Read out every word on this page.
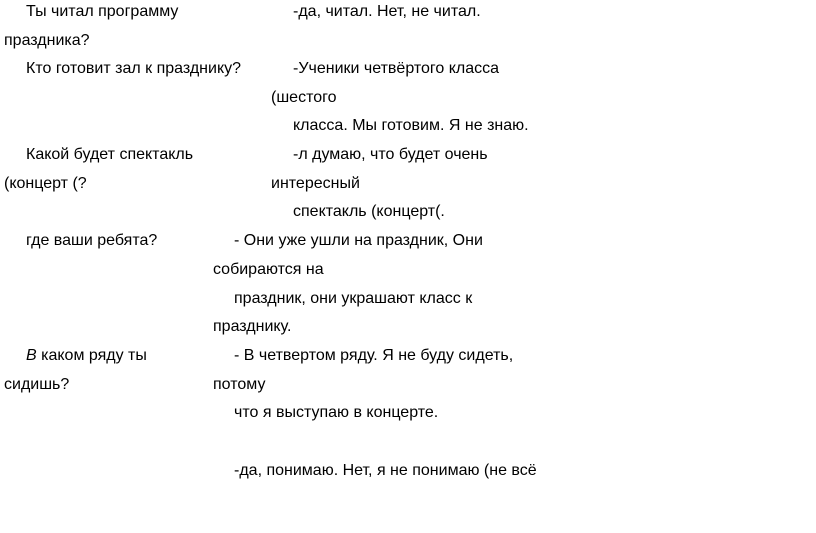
Ты читал программу
праздника?
-да, читал. Нет, не читал.
Кто готовит зал к празднику?	-Ученики четвёртого класса
(шестого
класса. Мы готовим. Я не знаю.
Какой будет спектакль
(концерт (?
-л думаю, что будет очень
интересный
спектакль (концерт(.
где ваши ребята?	- Они уже ушли на праздник, Они
собираются на
праздник, они украшают класс к
празднику.
В каком ряду ты
сидишь?
- В четвертом ряду. Я не буду сидеть,
потому
что я выступаю в концерте.
-да, понимаю. Нет, я не понимаю (не всё
